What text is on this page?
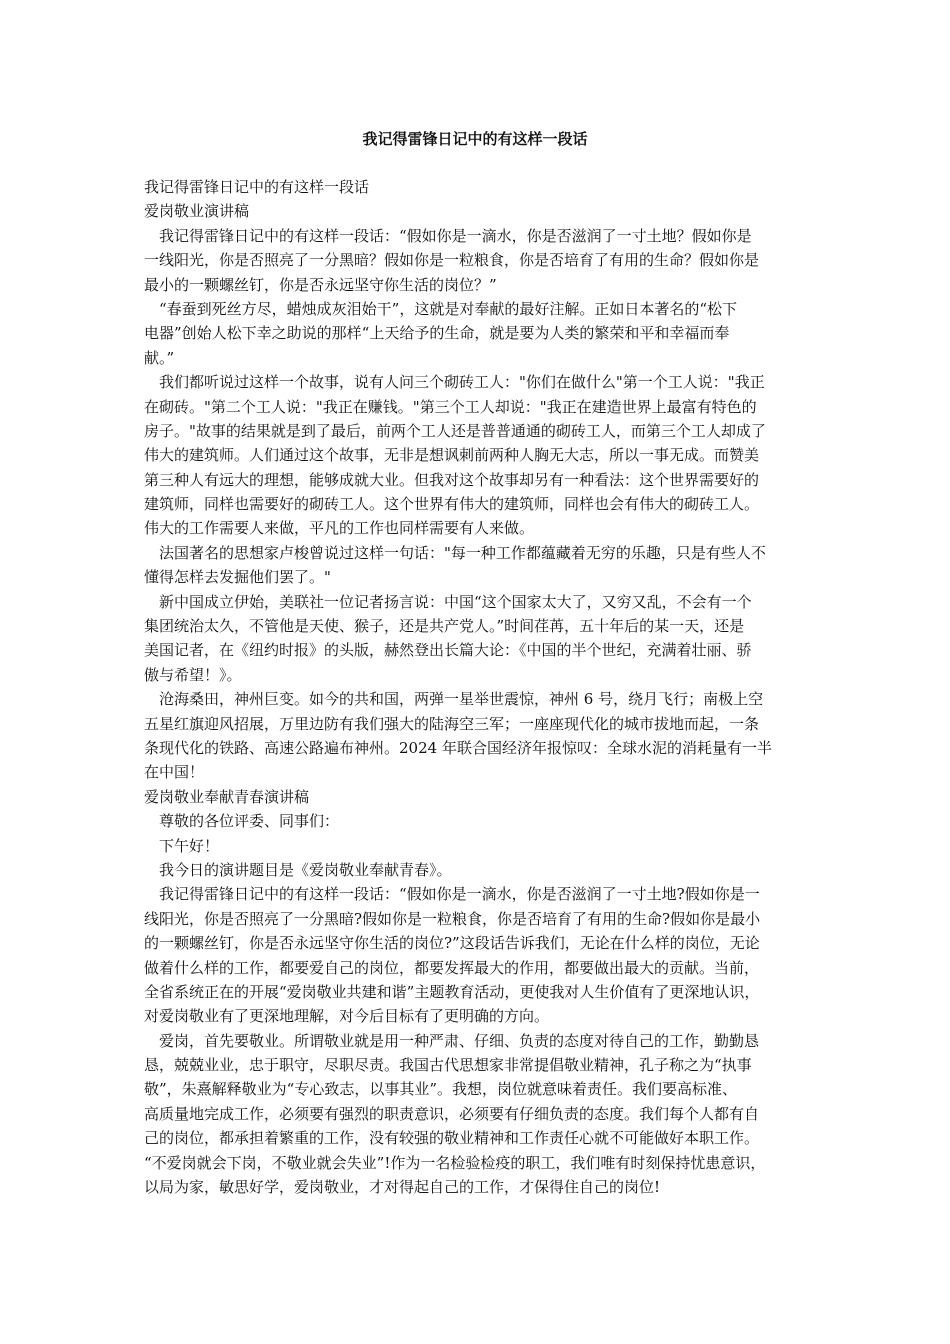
我记得雷锋日记中的有这样一段话

我记得雷锋日记中的有这样一段话

爱岗敬业演讲稿

我记得雷锋日记中的有这样一段话：“假如你是一滴水，你是否滋润了一寸土地？假如你是

一线阳光，你是否照亮了一分黑暗？假如你是一粒粮食，你是否培育了有用的生命？假如你是

最小的一颗螺丝钉，你是否永远坚守你生活的岗位？”

“春蚕到死丝方尽，蜡烛成灰泪始干”，这就是对奉献的最好注解。正如日本著名的“松下

电器”创始人松下幸之助说的那样“上天给予的生命，就是要为人类的繁荣和平和幸福而奉

献。”

我们都听说过这样一个故事，说有人问三个砌砖工人："你们在做什么"第一个工人说："我正

在砌砖。"第二个工人说："我正在赚钱。"第三个工人却说："我正在建造世界上最富有特色的

房子。"故事的结果就是到了最后，前两个工人还是普普通通的砌砖工人，而第三个工人却成了

伟大的建筑师。人们通过这个故事，无非是想讽刺前两种人胸无大志，所以一事无成。而赞美

第三种人有远大的理想，能够成就大业。但我对这个故事却另有一种看法：这个世界需要好的

建筑师，同样也需要好的砌砖工人。这个世界有伟大的建筑师，同样也会有伟大的砌砖工人。

伟大的工作需要人来做，平凡的工作也同样需要有人来做。

法国著名的思想家卢梭曾说过这样一句话："每一种工作都蕴藏着无穷的乐趣，只是有些人不

懂得怎样去发掘他们罢了。"

新中国成立伊始，美联社一位记者扬言说：中国“这个国家太大了，又穷又乱，不会有一个

集团统治太久，不管他是天使、猴子，还是共产党人。”时间荏苒，五十年后的某一天，还是

美国记者，在《纽约时报》的头版，赫然登出长篇大论：《中国的半个世纪，充满着壮丽、骄

傲与希望！》。

沧海桑田，神州巨变。如今的共和国，两弹一星举世震惊，神州 6 号，绕月飞行；南极上空

五星红旗迎风招展，万里边防有我们强大的陆海空三军；一座座现代化的城市拔地而起，一条

条现代化的铁路、高速公路遍布神州。2024 年联合国经济年报惊叹：全球水泥的消耗量有一半

在中国！

爱岗敬业奉献青春演讲稿

尊敬的各位评委、同事们：

下午好！

我今日的演讲题目是《爱岗敬业奉献青春》。

我记得雷锋日记中的有这样一段话：“假如你是一滴水，你是否滋润了一寸土地?假如你是一

线阳光，你是否照亮了一分黑暗?假如你是一粒粮食，你是否培育了有用的生命?假如你是最小

的一颗螺丝钉，你是否永远坚守你生活的岗位?”这段话告诉我们，无论在什么样的岗位，无论

做着什么样的工作，都要爱自己的岗位，都要发挥最大的作用，都要做出最大的贡献。当前，

全省系统正在的开展“爱岗敬业共建和谐”主题教育活动，更使我对人生价值有了更深地认识，

对爱岗敬业有了更深地理解，对今后目标有了更明确的方向。

爱岗，首先要敬业。所谓敬业就是用一种严肃、仔细、负责的态度对待自己的工作，勤勤恳

恳，兢兢业业，忠于职守，尽职尽责。我国古代思想家非常提倡敬业精神，孔子称之为“执事

敬”，朱熹解释敬业为“专心致志，以事其业”。我想，岗位就意味着责任。我们要高标准、

高质量地完成工作，必须要有强烈的职责意识，必须要有仔细负责的态度。我们每个人都有自

己的岗位，都承担着繁重的工作，没有较强的敬业精神和工作责任心就不可能做好本职工作。

“不爱岗就会下岗，不敬业就会失业”!作为一名检验检疫的职工，我们唯有时刻保持忧患意识，

以局为家，敏思好学，爱岗敬业，才对得起自己的工作，才保得住自己的岗位!
